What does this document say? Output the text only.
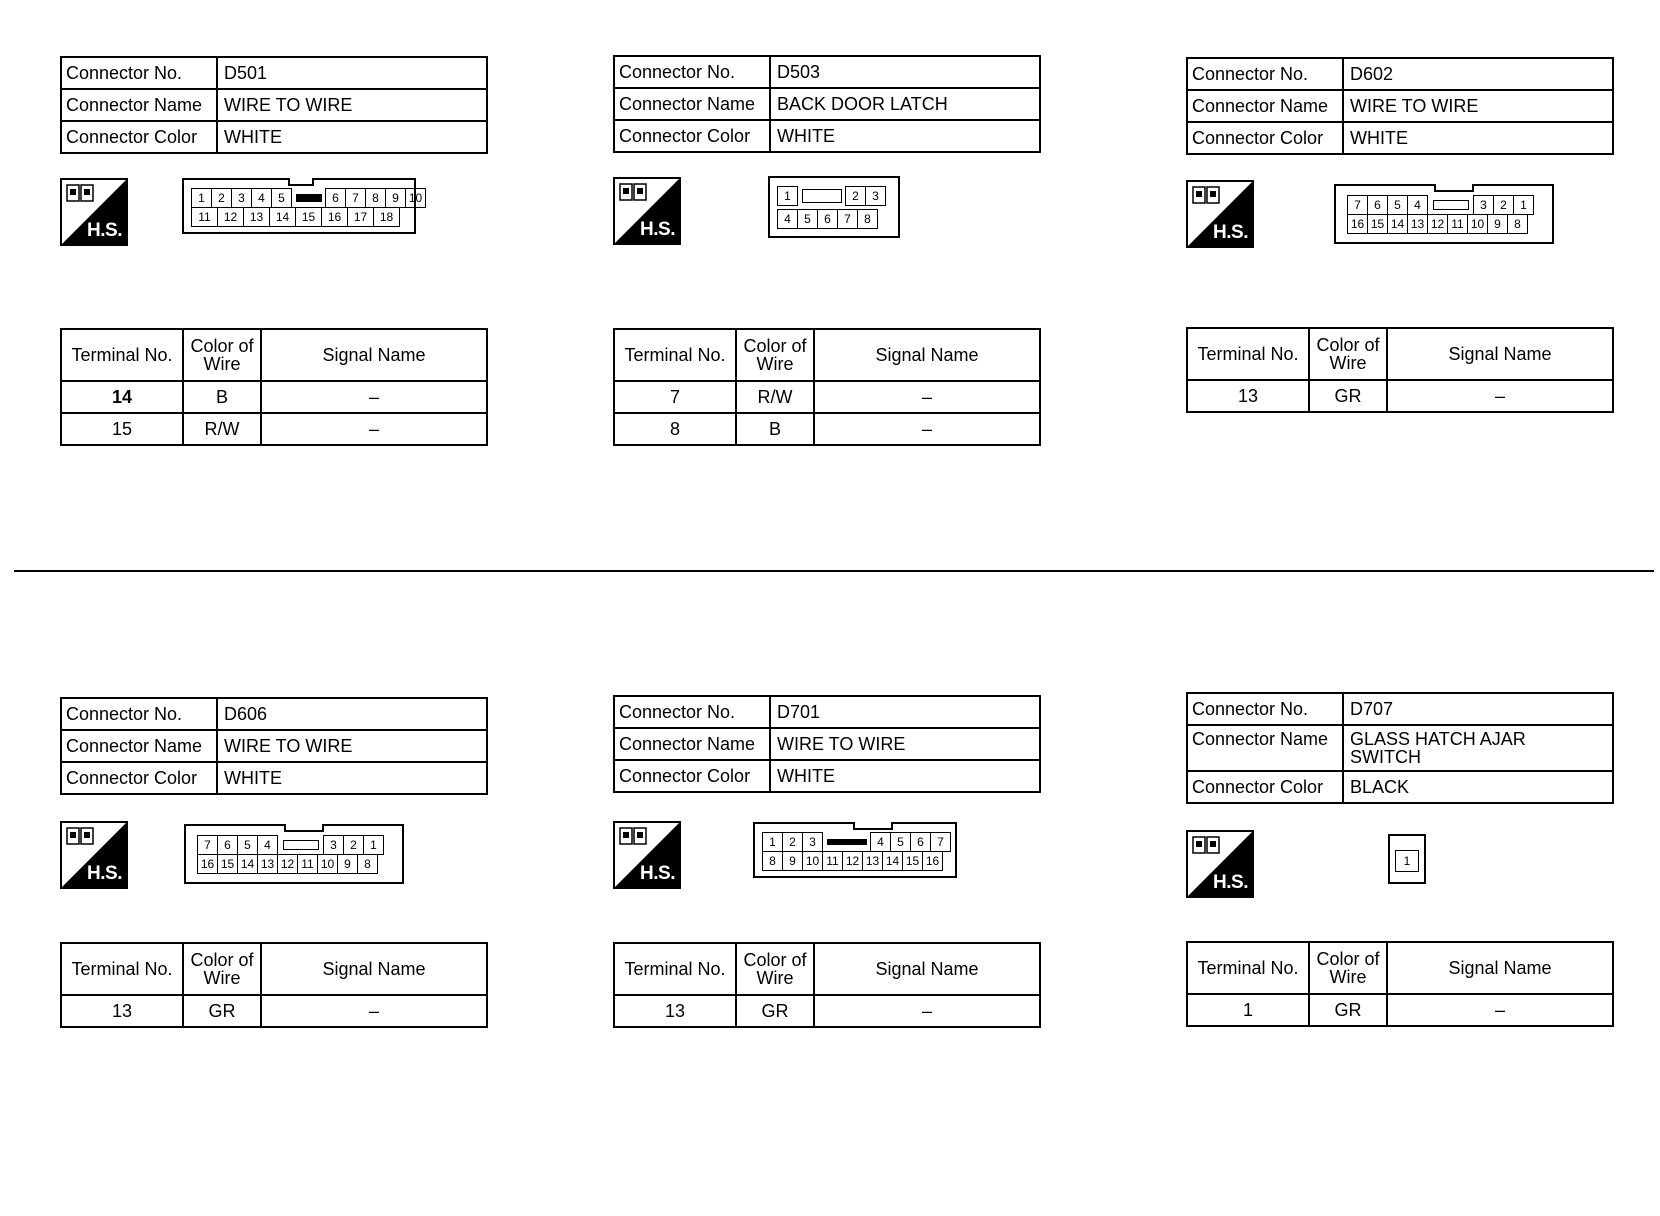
Connector No.	D501
Connector Name	WIRE TO WIRE
Connector Color	WHITE
H.S.
1	2	3	4	5	6	7	8	9 10
11	12	13	14	15	16	17	18
Terminal No.	Color of Wire	Signal Name
14	B	–
15	R/W	–
Connector No.	D503
Connector Name	BACK DOOR LATCH
Connector Color	WHITE
H.S.
1	2	3
4	5	6	7	8
Terminal No.	Color of Wire	Signal Name
7	R/W	–
8	B	–
Connector No.	D602
Connector Name	WIRE TO WIRE
Connector Color	WHITE
H.S.
7	6	5	4	3	2	1
16 15 14 13 12 11 10 9	8
Terminal No.	Color of Wire	Signal Name
13	GR	–
Connector No.	D606
Connector Name	WIRE TO WIRE
Connector Color	WHITE
H.S.
7	6	5	4	3	2	1
16 15 14 13 12 11 10 9	8
Terminal No.	Color of Wire	Signal Name
13	GR	–
Connector No.	D701
Connector Name	WIRE TO WIRE
Connector Color	WHITE
H.S.
1	2	3	4	5	6	7
8	9 10 11 12 13 14 15 16
Terminal No.	Color of Wire	Signal Name
13	GR	–
Connector No.	D707
Connector Name	GLASS HATCH AJAR SWITCH
Connector Color	BLACK
H.S.
1
Terminal No.	Color of Wire	Signal Name
1	GR	–
